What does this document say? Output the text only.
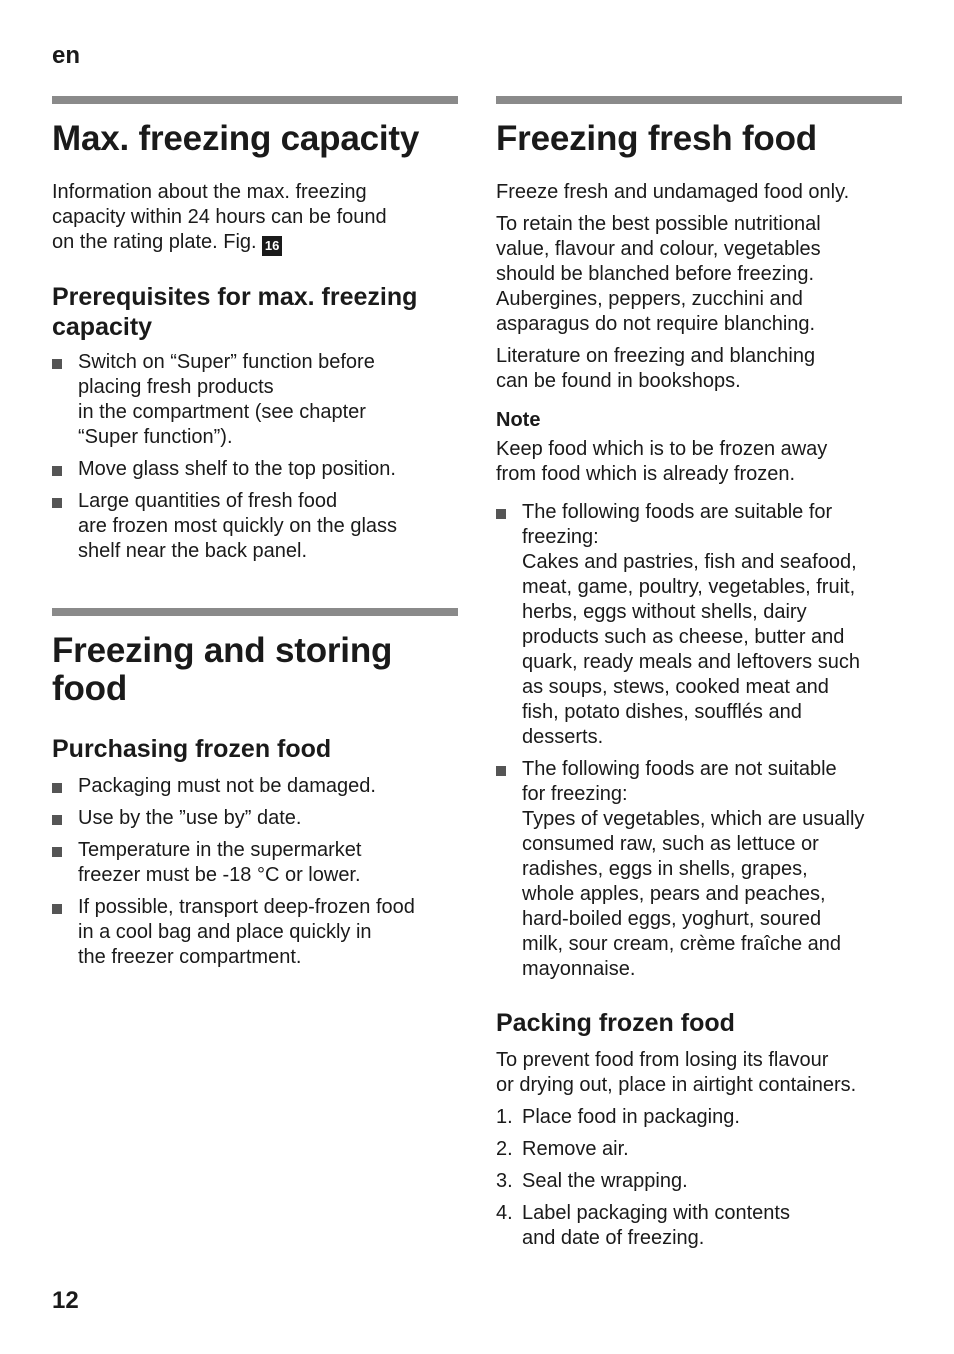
en
Max. freezing capacity

Information about the max. freezing
capacity within 24 hours can be found
on the rating plate. Fig. 16

Prerequisites for max. freezing
capacity
Switch on “Super” function before
placing fresh products
in the compartment (see chapter
“Super function”).
Move glass shelf to the top position.
Large quantities of fresh food
are frozen most quickly on the glass
shelf near the back panel.
Freezing and storing
food
Purchasing frozen food
Packaging must not be damaged.
Use by the ”use by” date.
Temperature in the supermarket
freezer must be -18 °C or lower.
If possible, transport deep-frozen food
in a cool bag and place quickly in
the freezer compartment.
Freezing fresh food

Freeze fresh and undamaged food only.

To retain the best possible nutritional
value, flavour and colour, vegetables
should be blanched before freezing.
Aubergines, peppers, zucchini and
asparagus do not require blanching.

Literature on freezing and blanching
can be found in bookshops.

Note

Keep food which is to be frozen away
from food which is already frozen.

The following foods are suitable for
freezing:
Cakes and pastries, fish and seafood,
meat, game, poultry, vegetables, fruit,
herbs, eggs without shells, dairy
products such as cheese, butter and
quark, ready meals and leftovers such
as soups, stews, cooked meat and
fish, potato dishes, soufflés and
desserts.
The following foods are not suitable
for freezing:
Types of vegetables, which are usually
consumed raw, such as lettuce or
radishes, eggs in shells, grapes,
whole apples, pears and peaches,
hard-boiled eggs, yoghurt, soured
milk, sour cream, crème fraîche and
mayonnaise.
Packing frozen food

To prevent food from losing its flavour
or drying out, place in airtight containers.

1. Place food in packaging.
2. Remove air.
3. Seal the wrapping.
4. Label packaging with contents
and date of freezing.
12
